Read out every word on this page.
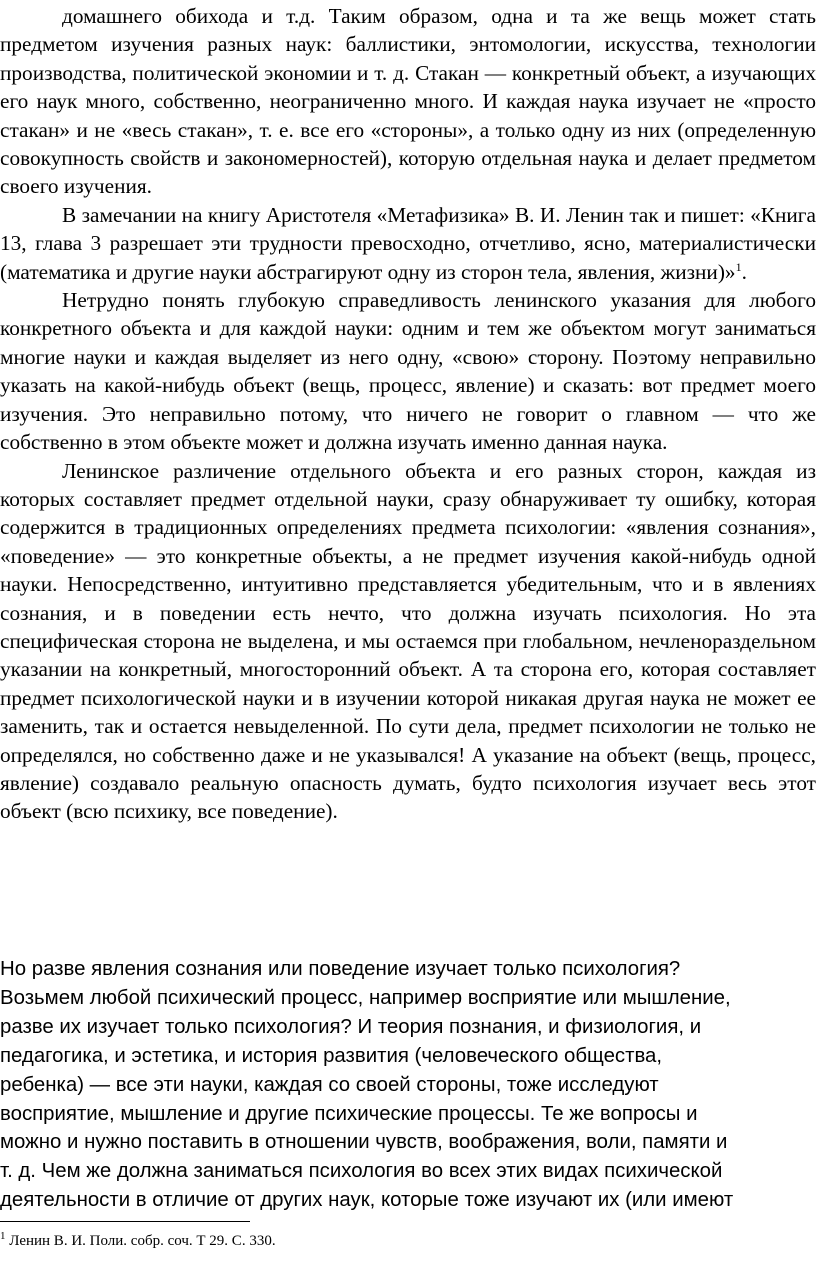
домашнего обихода и т.д. Таким образом, одна и та же вещь может стать предметом изучения разных наук: баллистики, энтомологии, искусства, технологии производства, политической экономии и т. д. Стакан — конкретный объект, а изучающих его наук много, собственно, неограниченно много. И каждая наука изучает не «просто стакан» и не «весь стакан», т. е. все его «стороны», а только одну из них (определенную совокупность свойств и закономерностей), которую отдельная наука и делает предметом своего изучения.

В замечании на книгу Аристотеля «Метафизика» В. И. Ленин так и пишет: «Книга 13, глава 3 разрешает эти трудности превосходно, отчетливо, ясно, материалистически (математика и другие науки абстрагируют одну из сторон тела, явления, жизни)»$^1$.

Нетрудно понять глубокую справедливость ленинского указания для любого конкретного объекта и для каждой науки: одним и тем же объектом могут заниматься многие науки и каждая выделяет из него одну, «свою» сторону. Поэтому неправильно указать на какой-нибудь объект (вещь, процесс, явление) и сказать: вот предмет моего изучения. Это неправильно потому, что ничего не говорит о главном — что же собственно в этом объекте может и должна изучать именно данная наука.

Ленинское различение отдельного объекта и его разных сторон, каждая из которых составляет предмет отдельной науки, сразу обнаруживает ту ошибку, которая содержится в традиционных определениях предмета психологии: «явления сознания», «поведение» — это конкретные объекты, а не предмет изучения какой-нибудь одной науки. Непосредственно, интуитивно представляется убедительным, что и в явлениях сознания, и в поведении есть нечто, что должна изучать психология. Но эта специфическая сторона не выделена, и мы остаемся при глобальном, нечленораздельном указании на конкретный, многосторонний объект. А та сторона его, которая составляет предмет психологической науки и в изучении которой никакая другая наука не может ее заменить, так и остается невыделенной. По сути дела, предмет психологии не только не определялся, но собственно даже и не указывался! А указание на объект (вещь, процесс, явление) создавало реальную опасность думать, будто психология изучает весь этот объект (всю психику, все поведение).

Но разве явления сознания или поведение изучает только психология?

Возьмем любой психический процесс, например восприятие или мышление,

разве их изучает только психология? И теория познания, и физиология, и

педагогика, и эстетика, и история развития (человеческого общества,

ребенка) — все эти науки, каждая со своей стороны, тоже исследуют

восприятие, мышление и другие психические процессы. Те же вопросы и

можно и нужно поставить в отношении чувств, воображения, воли, памяти и

т. д. Чем же должна заниматься психология во всех этих видах психической

деятельности в отличие от других наук, которые тоже изучают их (или имеют

$^1$ Ленин В. И. Поли. собр. соч. Т 29. С. 330.
